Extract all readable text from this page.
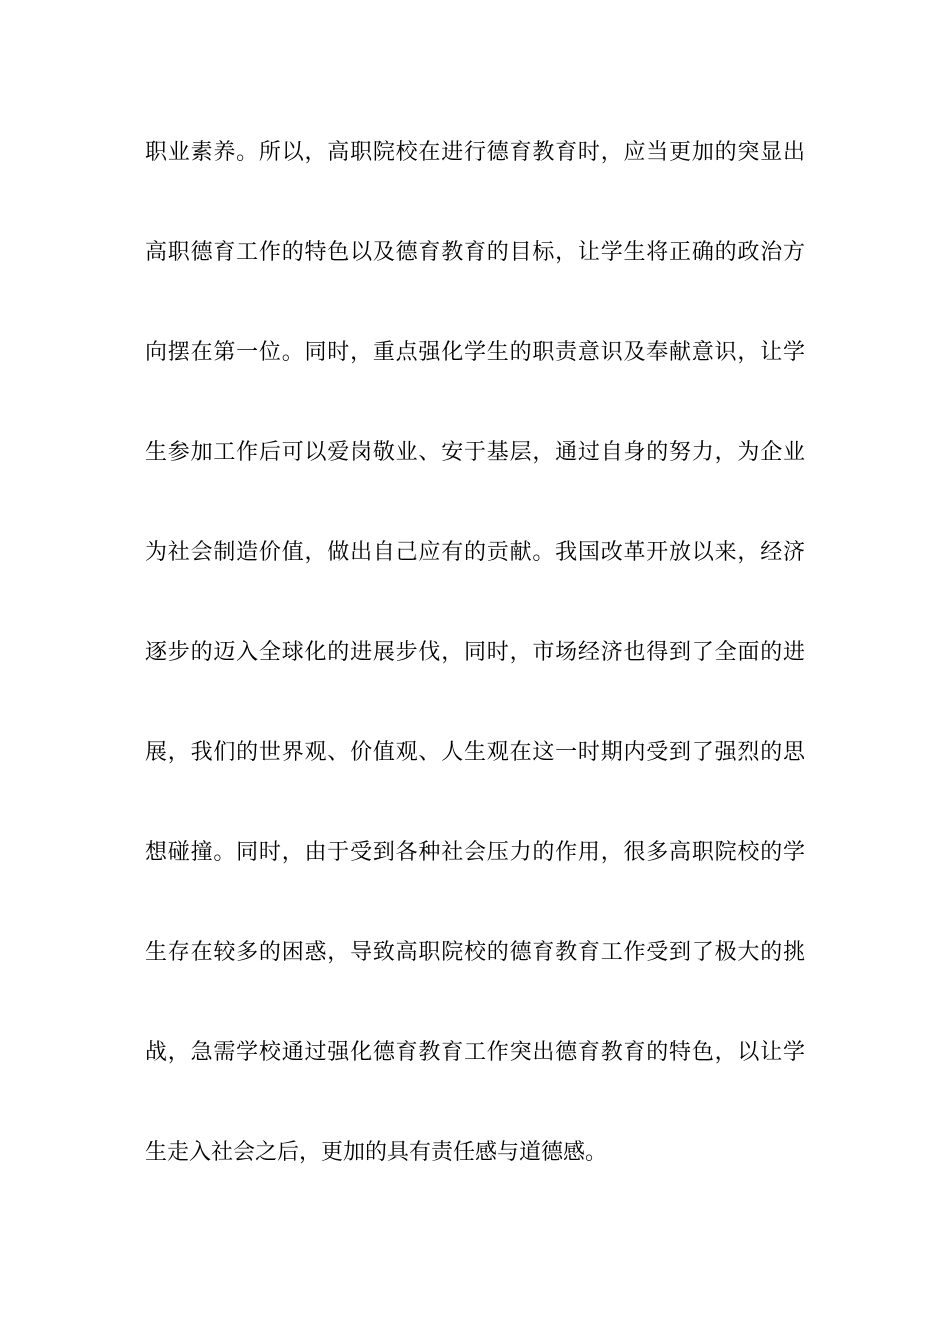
职业素养。所以，高职院校在进行德育教育时，应当更加的突显出
高职德育工作的特色以及德育教育的目标，让学生将正确的政治方
向摆在第一位。同时，重点强化学生的职责意识及奉献意识，让学
生参加工作后可以爱岗敬业、安于基层，通过自身的努力，为企业
为社会制造价值，做出自己应有的贡献。我国改革开放以来，经济
逐步的迈入全球化的进展步伐，同时，市场经济也得到了全面的进
展，我们的世界观、价值观、人生观在这一时期内受到了强烈的思
想碰撞。同时，由于受到各种社会压力的作用，很多高职院校的学
生存在较多的困惑，导致高职院校的德育教育工作受到了极大的挑
战，急需学校通过强化德育教育工作突出德育教育的特色，以让学
生走入社会之后，更加的具有责任感与道德感。
